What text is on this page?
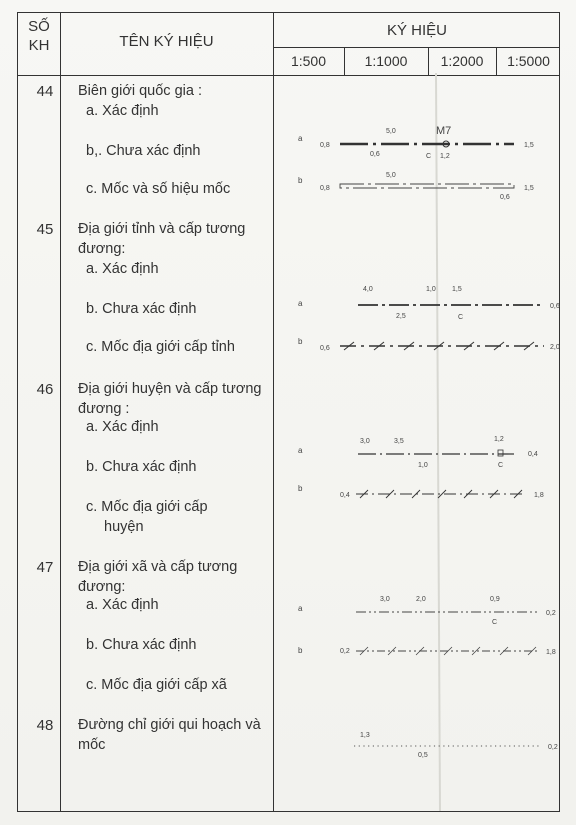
SỐ
KH	TÊN KÝ HIỆU
KÝ HIỆU
1:500	1:1000	1:2000	1:5000
44	Biên giới quốc gia :
a. Xác định
b,. Chưa xác định
c. Mốc và số hiệu mốc
45	Địa giới tỉnh và cấp tương đương:
a. Xác định
b. Chưa xác định
c. Mốc địa giới cấp tỉnh
46	Địa giới huyện và cấp tương đương :
a. Xác định
b. Chưa xác định
c. Mốc địa giới cấp
huyện
47	Địa giới xã và cấp tương đương:
a. Xác định
b. Chưa xác định
c. Mốc địa giới cấp xã
48	Đường chỉ giới qui hoạch và mốc
a
0,8
5,0	M7
0,6	C 1,2
1,5
b
0,8
5,0
0,6
1,5
a
4,0	1,0 1,5
2,5	C
0,6
b
0,6	2,0
a
3,0	3,5	1,2
1,0	C
0,4
b
0,4	1,8
a
3,0	2,0	0,9
C
0,2
b	0,2	1,8
1,3
0,5
0,2
